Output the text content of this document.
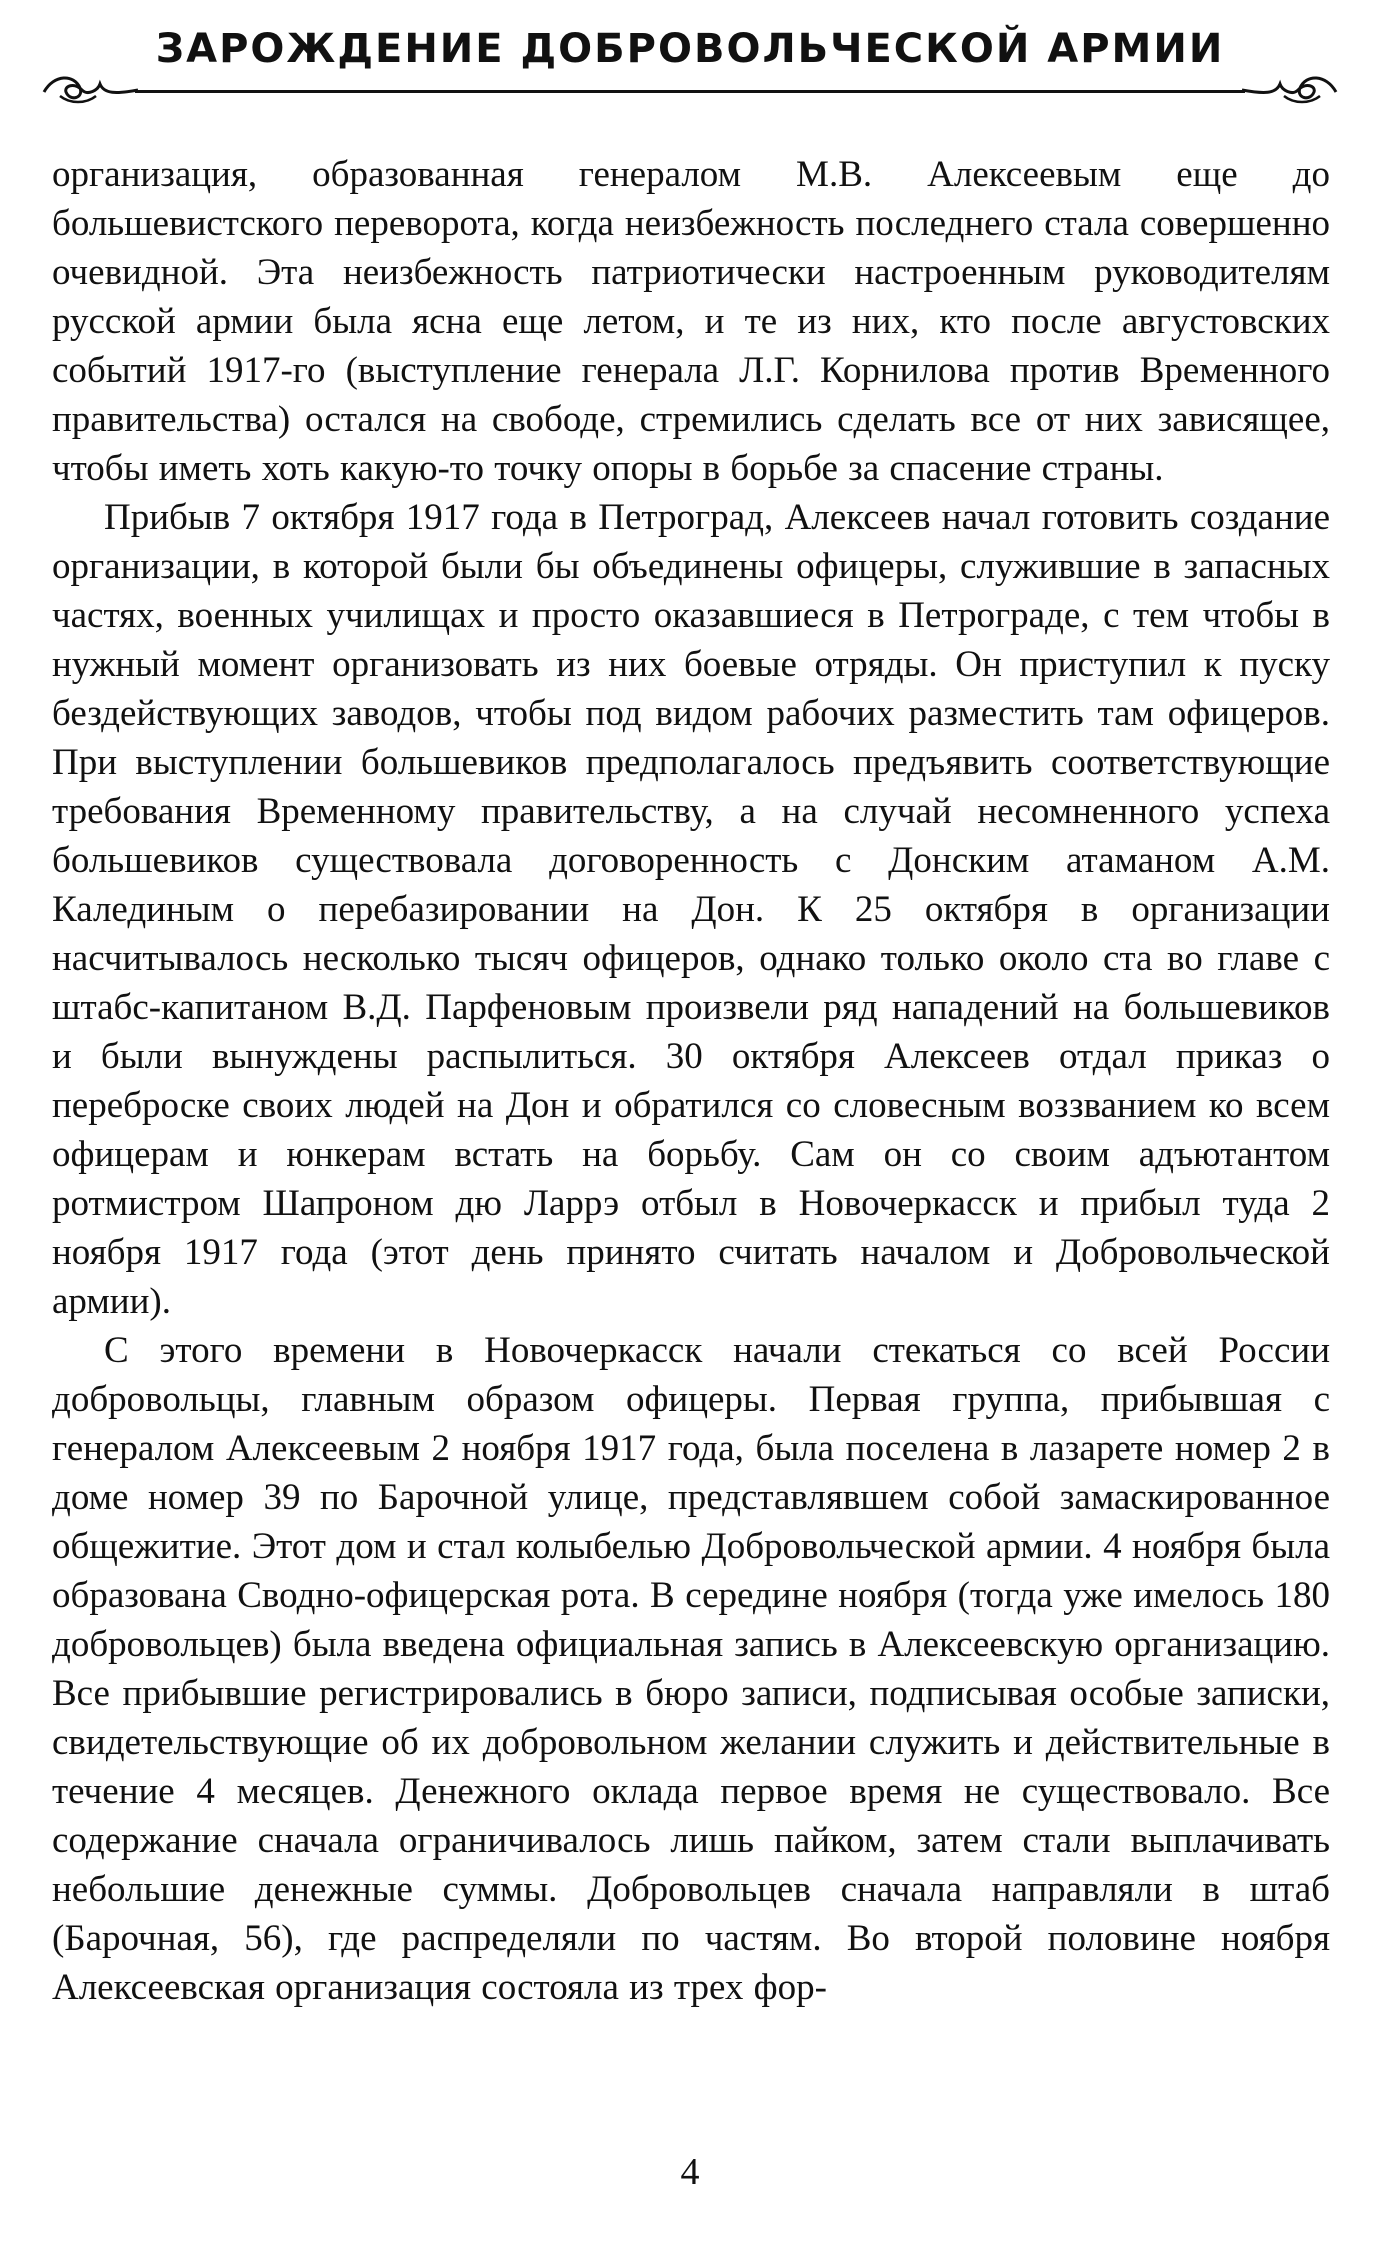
ЗАРОЖДЕНИЕ ДОБРОВОЛЬЧЕСКОЙ АРМИИ

организация, образованная генералом М.В. Алексеевым еще до большевистского переворота, когда неизбежность последнего стала совершенно очевидной. Эта неизбежность патриотически настроенным руководителям русской армии была ясна еще летом, и те из них, кто после августовских событий 1917-го (выступление генерала Л.Г. Корнилова против Временного правительства) остался на свободе, стремились сделать все от них зависящее, чтобы иметь хоть какую-то точку опоры в борьбе за спасение страны.

Прибыв 7 октября 1917 года в Петроград, Алексеев начал готовить создание организации, в которой были бы объединены офицеры, служившие в запасных частях, военных училищах и просто оказавшиеся в Петрограде, с тем чтобы в нужный момент организовать из них боевые отряды. Он приступил к пуску бездействующих заводов, чтобы под видом рабочих разместить там офицеров. При выступлении большевиков предполагалось предъявить соответствующие требования Временному правительству, а на случай несомненного успеха большевиков существовала договоренность с Донским атаманом А.М. Калединым о перебазировании на Дон. К 25 октября в организации насчитывалось несколько тысяч офицеров, однако только около ста во главе с штабс-капитаном В.Д. Парфеновым произвели ряд нападений на большевиков и были вынуждены распылиться. 30 октября Алексеев отдал приказ о переброске своих людей на Дон и обратился со словесным воззванием ко всем офицерам и юнкерам встать на борьбу. Сам он со своим адъютантом ротмистром Шапроном дю Ларрэ отбыл в Новочеркасск и прибыл туда 2 ноября 1917 года (этот день принято считать началом и Добровольческой армии).

С этого времени в Новочеркасск начали стекаться со всей России добровольцы, главным образом офицеры. Первая группа, прибывшая с генералом Алексеевым 2 ноября 1917 года, была поселена в лазарете номер 2 в доме номер 39 по Барочной улице, представлявшем собой замаскированное общежитие. Этот дом и стал колыбелью Добровольческой армии. 4 ноября была образована Сводно-офицерская рота. В середине ноября (тогда уже имелось 180 добровольцев) была введена официальная запись в Алексеевскую организацию. Все прибывшие регистрировались в бюро записи, подписывая особые записки, свидетельствующие об их добровольном желании служить и действительные в течение 4 месяцев. Денежного оклада первое время не существовало. Все содержание сначала ограничивалось лишь пайком, затем стали выплачивать небольшие денежные суммы. Добровольцев сначала направляли в штаб (Барочная, 56), где распределяли по частям. Во второй половине ноября Алексеевская организация состояла из трех фор-

4
